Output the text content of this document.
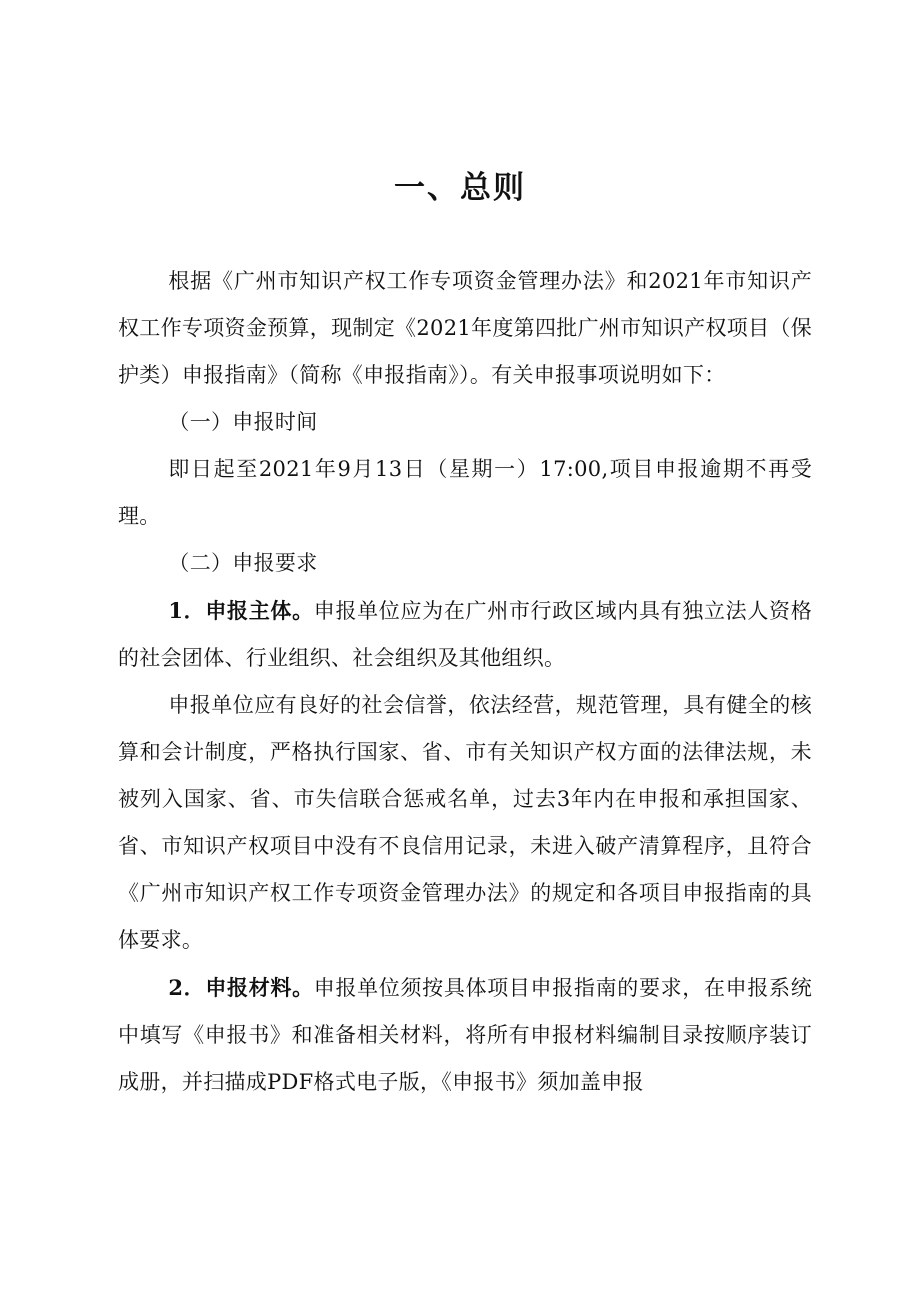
一、总则

根据《广州市知识产权工作专项资金管理办法》和2021年市知识产权工作专项资金预算，现制定《2021年度第四批广州市知识产权项目（保护类）申报指南》（简称《申报指南》）。有关申报事项说明如下：

（一）申报时间

即日起至2021年9月13日（星期一）17:00,项目申报逾期不再受理。

（二）申报要求

1．申报主体。申报单位应为在广州市行政区域内具有独立法人资格的社会团体、行业组织、社会组织及其他组织。

申报单位应有良好的社会信誉，依法经营，规范管理，具有健全的核算和会计制度，严格执行国家、省、市有关知识产权方面的法律法规，未被列入国家、省、市失信联合惩戒名单，过去3年内在申报和承担国家、省、市知识产权项目中没有不良信用记录，未进入破产清算程序，且符合《广州市知识产权工作专项资金管理办法》的规定和各项目申报指南的具体要求。

2．申报材料。申报单位须按具体项目申报指南的要求，在申报系统中填写《申报书》和准备相关材料，将所有申报材料编制目录按顺序装订成册，并扫描成PDF格式电子版，《申报书》须加盖申报
